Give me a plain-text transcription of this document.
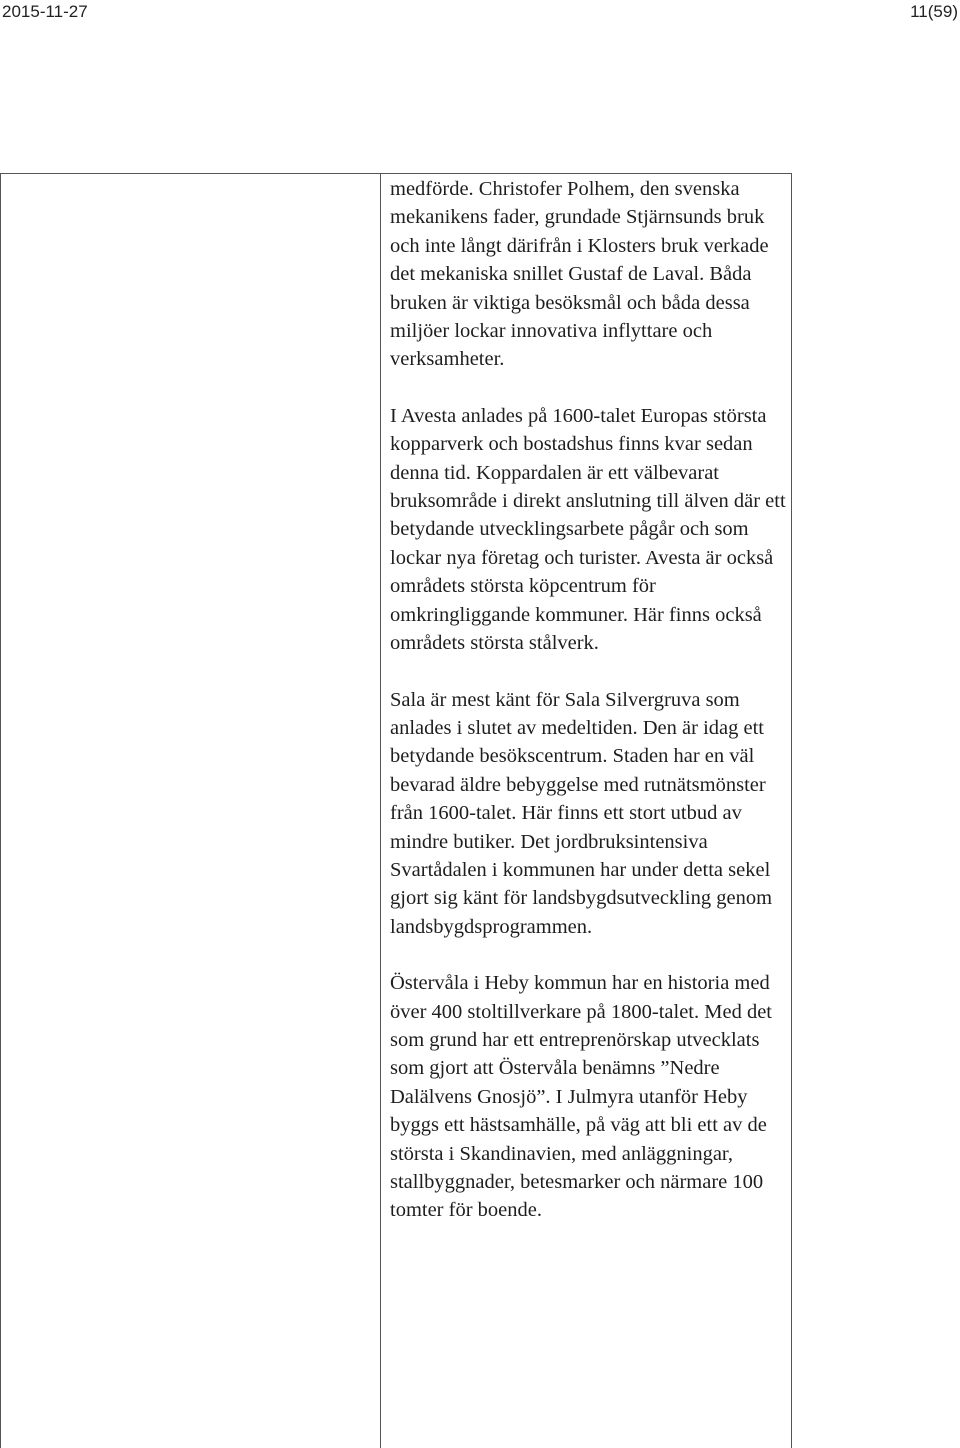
2015-11-27	11(59)

medförde. Christofer Polhem, den svenska mekanikens fader, grundade Stjärnsunds bruk och inte långt därifrån i Klosters bruk verkade det mekaniska snillet Gustaf de Laval. Båda bruken är viktiga besöksmål och båda dessa miljöer lockar innovativa inflyttare och verksamheter.

I Avesta anlades på 1600-talet Europas största kopparverk och bostadshus finns kvar sedan denna tid. Koppardalen är ett välbevarat bruksområde i direkt anslutning till älven där ett betydande utvecklingsarbete pågår och som lockar nya företag och turister. Avesta är också områdets största köpcentrum för omkringliggande kommuner. Här finns också områdets största stålverk.

Sala är mest känt för Sala Silvergruva som anlades i slutet av medeltiden. Den är idag ett betydande besökscentrum. Staden har en väl bevarad äldre bebyggelse med rutnätsmönster från 1600-talet. Här finns ett stort utbud av mindre butiker. Det jordbruksintensiva Svartådalen i kommunen har under detta sekel gjort sig känt för landsbygdsutveckling genom landsbygdsprogrammen.

Östervåla i Heby kommun har en historia med över 400 stoltillverkare på 1800-talet. Med det som grund har ett entreprenörskap utvecklats som gjort att Östervåla benämns ”Nedre Dalälvens Gnosjö”. I Julmyra utanför Heby byggs ett hästsamhälle, på väg att bli ett av de största i Skandinavien, med anläggningar, stallbyggnader, betesmarker och närmare 100 tomter för boende.
